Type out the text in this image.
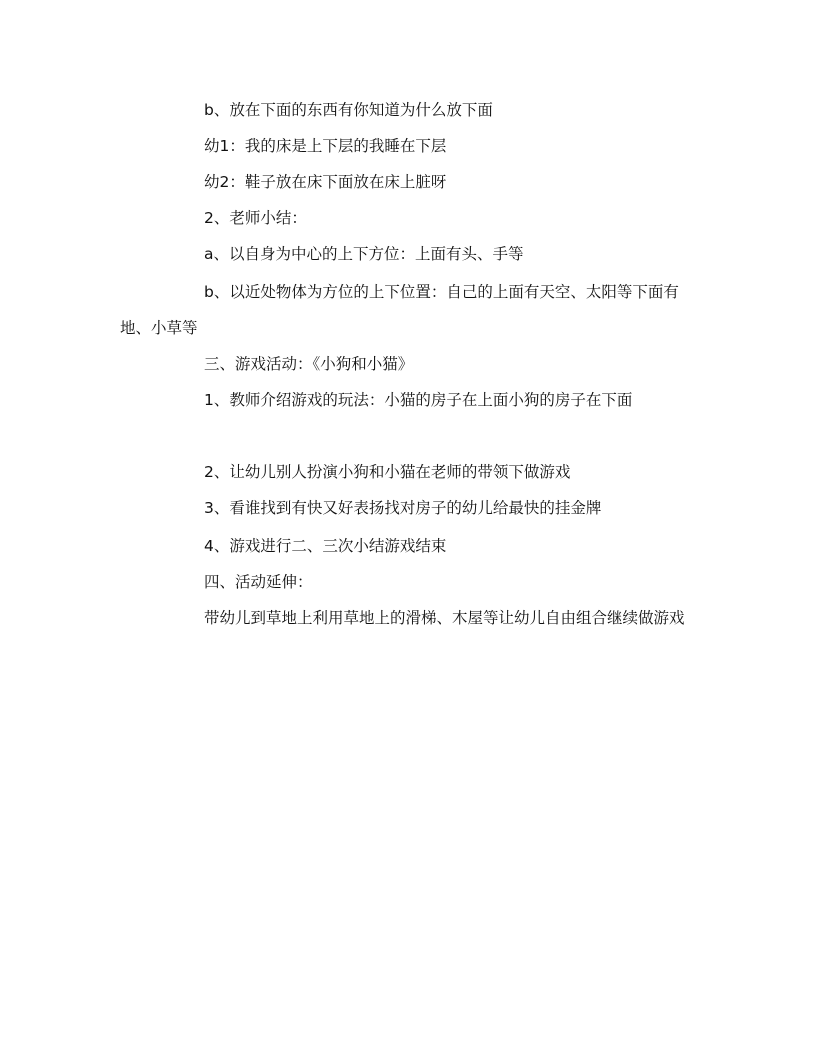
b、放在下面的东西有你知道为什么放下面

幼1：我的床是上下层的我睡在下层

幼2：鞋子放在床下面放在床上脏呀

2、老师小结：

a、以自身为中心的上下方位：上面有头、手等

b、以近处物体为方位的上下位置：自己的上面有天空、太阳等下面有地、小草等

三、游戏活动：《小狗和小猫》

1、教师介绍游戏的玩法：小猫的房子在上面小狗的房子在下面

2、让幼儿别人扮演小狗和小猫在老师的带领下做游戏

3、看谁找到有快又好表扬找对房子的幼儿给最快的挂金牌

4、游戏进行二、三次小结游戏结束

四、活动延伸：

带幼儿到草地上利用草地上的滑梯、木屋等让幼儿自由组合继续做游戏
